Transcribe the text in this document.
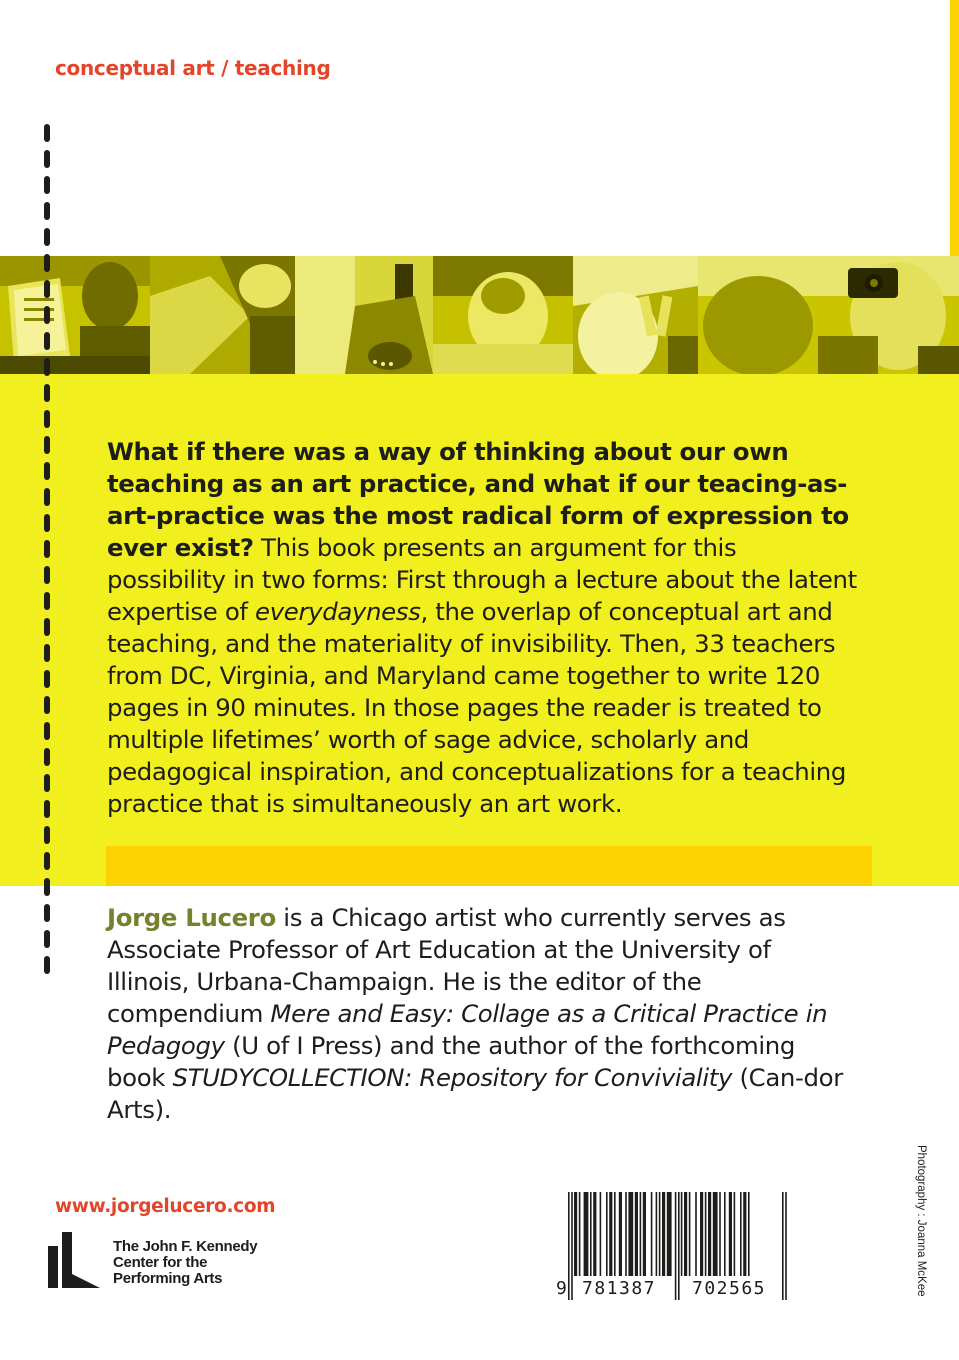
conceptual art / teaching
What if there was a way of thinking about our own teaching as an art practice, and what if our teacing-as-art-practice was the most radical form of expression to ever exist? This book presents an argument for this possibility in two forms: First through a lecture about the latent expertise of everydayness, the overlap of conceptual art and teaching, and the materiality of invisibility. Then, 33 teachers from DC, Virginia, and Maryland came together to write 120 pages in 90 minutes. In those pages the reader is treated to multiple lifetimes’ worth of sage advice, scholarly and pedagogical inspiration, and conceptualizations for a teaching practice that is simultaneously an art work.
Jorge Lucero is a Chicago artist who currently serves as Associate Professor of Art Education at the University of Illinois, Urbana-Champaign. He is the editor of the compendium Mere and Easy: Collage as a Critical Practice in Pedagogy (U of I Press) and the author of the forthcoming book STUDYCOLLECTION: Repository for Conviviality (Can-dor Arts).
www.jorgelucero.com
The John F. Kennedy
Center for the
Performing Arts	9 781387 702565	Photography : Joanna McKee
